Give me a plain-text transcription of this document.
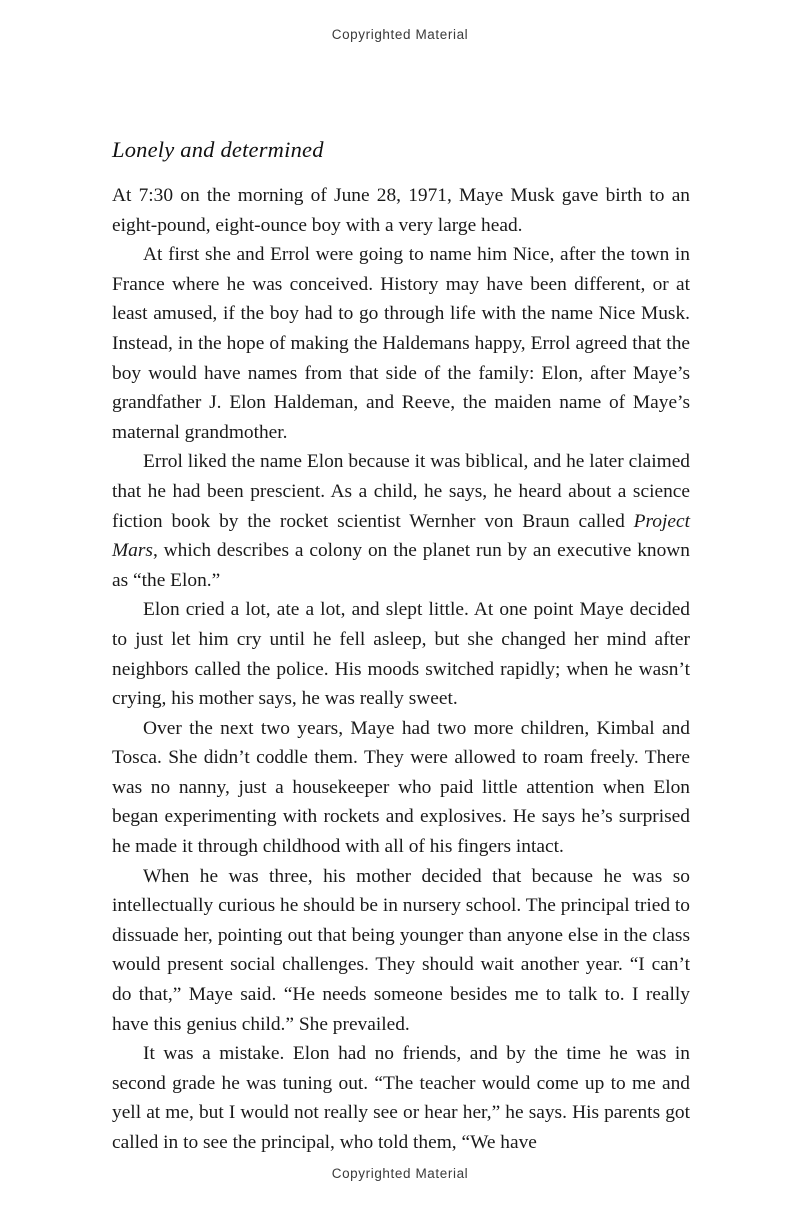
Copyrighted Material
Lonely and determined

At 7:30 on the morning of June 28, 1971, Maye Musk gave birth to an eight-pound, eight-ounce boy with a very large head.

At first she and Errol were going to name him Nice, after the town in France where he was conceived. History may have been different, or at least amused, if the boy had to go through life with the name Nice Musk. Instead, in the hope of making the Haldemans happy, Errol agreed that the boy would have names from that side of the family: Elon, after Maye’s grandfather J. Elon Haldeman, and Reeve, the maiden name of Maye’s maternal grandmother.

Errol liked the name Elon because it was biblical, and he later claimed that he had been prescient. As a child, he says, he heard about a science fiction book by the rocket scientist Wernher von Braun called Project Mars, which describes a colony on the planet run by an executive known as “the Elon.”

Elon cried a lot, ate a lot, and slept little. At one point Maye decided to just let him cry until he fell asleep, but she changed her mind after neighbors called the police. His moods switched rapidly; when he wasn’t crying, his mother says, he was really sweet.

Over the next two years, Maye had two more children, Kimbal and Tosca. She didn’t coddle them. They were allowed to roam freely. There was no nanny, just a housekeeper who paid little attention when Elon began experimenting with rockets and explosives. He says he’s surprised he made it through childhood with all of his fingers intact.

When he was three, his mother decided that because he was so intellectually curious he should be in nursery school. The principal tried to dissuade her, pointing out that being younger than anyone else in the class would present social challenges. They should wait another year. “I can’t do that,” Maye said. “He needs someone besides me to talk to. I really have this genius child.” She prevailed.

It was a mistake. Elon had no friends, and by the time he was in second grade he was tuning out. “The teacher would come up to me and yell at me, but I would not really see or hear her,” he says. His parents got called in to see the principal, who told them, “We have

Copyrighted Material
